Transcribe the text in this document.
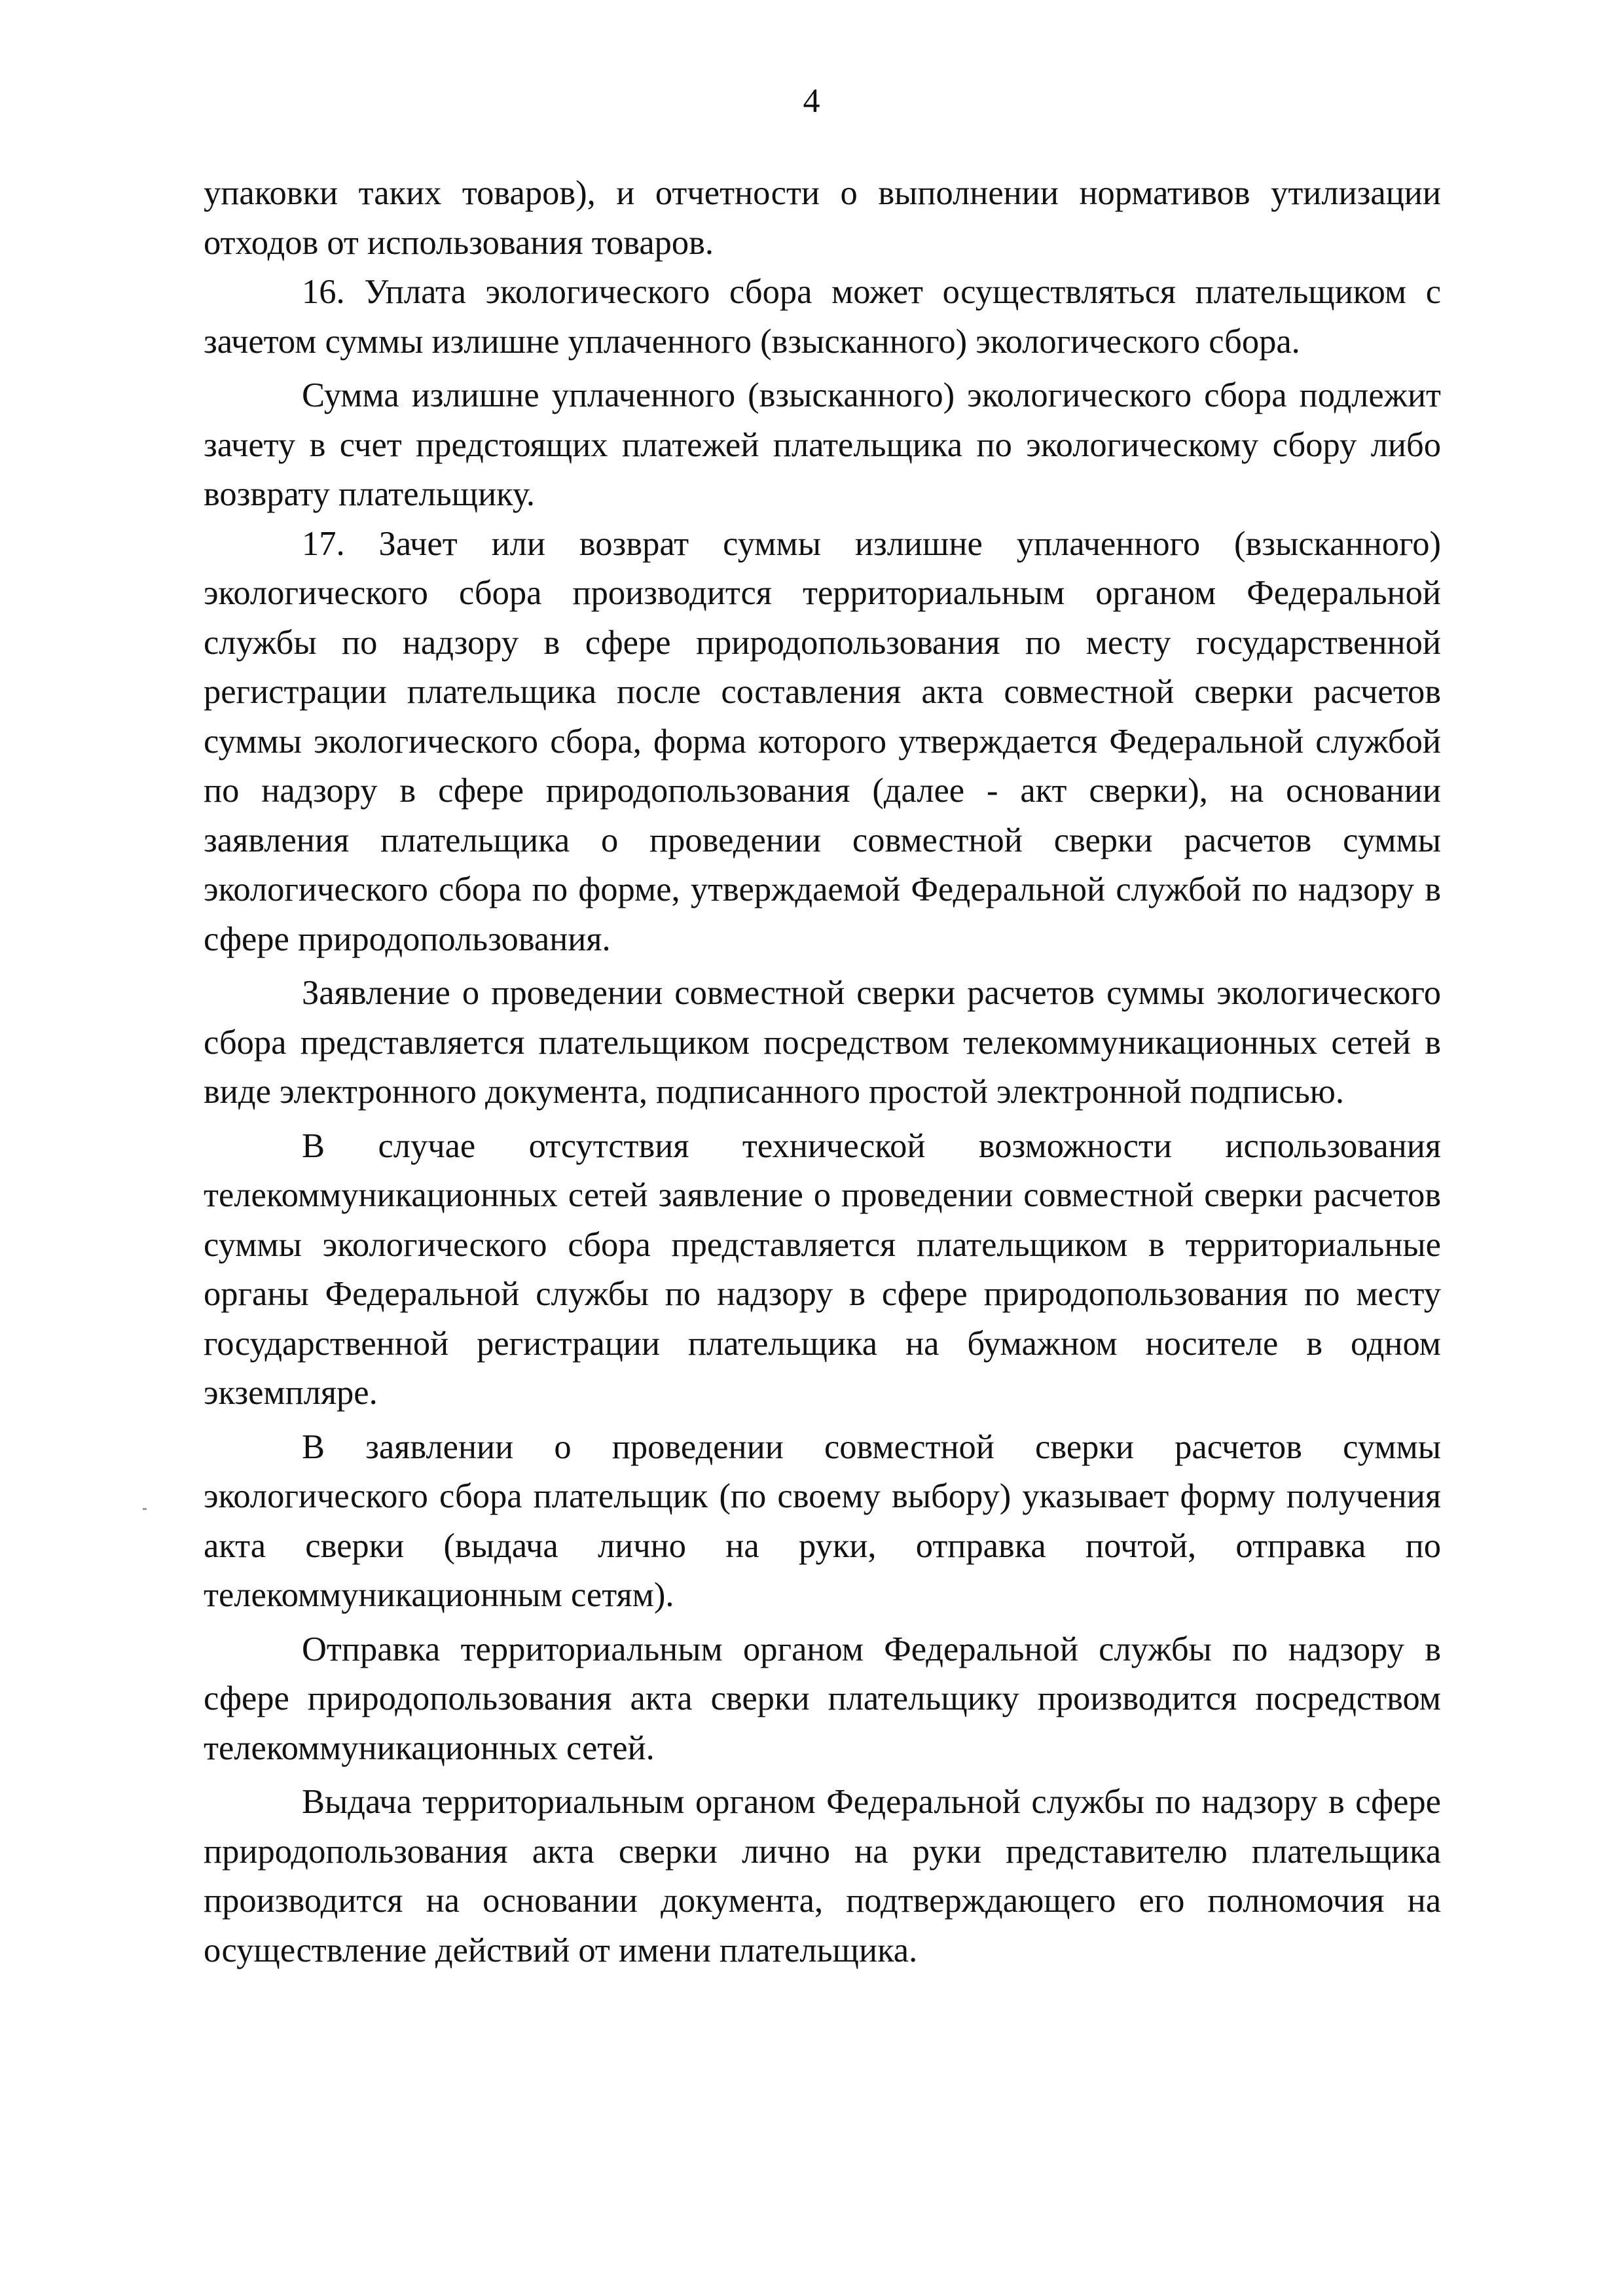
4

упаковки таких товаров), и отчетности о выполнении нормативов утилизации отходов от использования товаров.

16. Уплата экологического сбора может осуществляться плательщиком с зачетом суммы излишне уплаченного (взысканного) экологического сбора.

Сумма излишне уплаченного (взысканного) экологического сбора подлежит зачету в счет предстоящих платежей плательщика по экологическому сбору либо возврату плательщику.

17. Зачет или возврат суммы излишне уплаченного (взысканного) экологического сбора производится территориальным органом Федеральной службы по надзору в сфере природопользования по месту государственной регистрации плательщика после составления акта совместной сверки расчетов суммы экологического сбора, форма которого утверждается Федеральной службой по надзору в сфере природопользования (далее - акт сверки), на основании заявления плательщика о проведении совместной сверки расчетов суммы экологического сбора по форме, утверждаемой Федеральной службой по надзору в сфере природопользования.

Заявление о проведении совместной сверки расчетов суммы экологического сбора представляется плательщиком посредством телекоммуникационных сетей в виде электронного документа, подписанного простой электронной подписью.

В случае отсутствия технической возможности использования телекоммуникационных сетей заявление о проведении совместной сверки расчетов суммы экологического сбора представляется плательщиком в территориальные органы Федеральной службы по надзору в сфере природопользования по месту государственной регистрации плательщика на бумажном носителе в одном экземпляре.

В заявлении о проведении совместной сверки расчетов суммы экологического сбора плательщик (по своему выбору) указывает форму получения акта сверки (выдача лично на руки, отправка почтой, отправка по телекоммуникационным сетям).

Отправка территориальным органом Федеральной службы по надзору в сфере природопользования акта сверки плательщику производится посредством телекоммуникационных сетей.

Выдача территориальным органом Федеральной службы по надзору в сфере природопользования акта сверки лично на руки представителю плательщика производится на основании документа, подтверждающего его полномочия на осуществление действий от имени плательщика.
